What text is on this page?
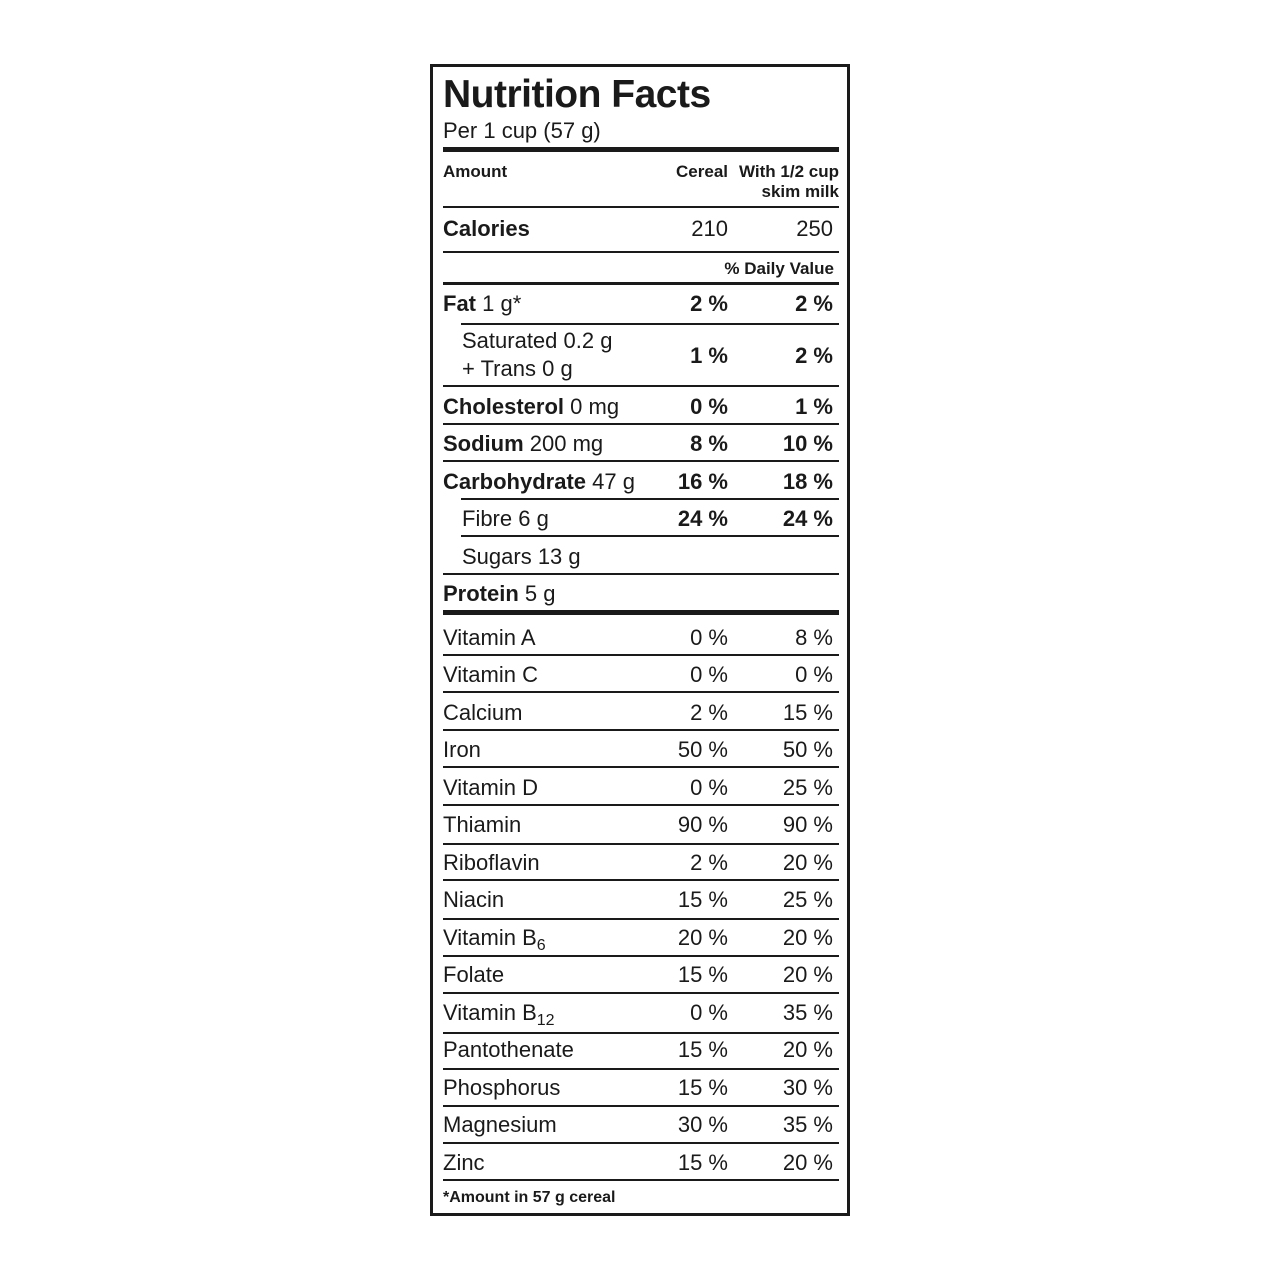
Nutrition Facts
Per 1 cup (57 g)
Amount	Cereal With 1/2 cup
skim milk
Calories	210	250
% Daily Value
Fat 1 g*	2 %	2 %
Saturated 0.2 g
+ Trans 0 g
1 %	2 %
Cholesterol 0 mg	0 %	1 %
Sodium 200 mg	8 % 10 %
Carbohydrate 47 g 16 % 18 %
Fibre 6 g	24 % 24 %
Sugars 13 g
Protein 5 g
Vitamin A	0 %	8 %
Vitamin C	0 %	0 %
Calcium	2 % 15 %
Iron	50 % 50 %
Vitamin D	0 % 25 %
Thiamin	90 % 90 %
Riboflavin	2 % 20 %
Niacin	15 % 25 %
Vitamin $B_6$	20 % 20 %
Folate	15 % 20 %
Vitamin $B_{12}$	0 % 35 %
Pantothenate	15 % 20 %
Phosphorus	15 % 30 %
Magnesium	30 % 35 %
Zinc	15 % 20 %
*Amount in 57 g cereal
